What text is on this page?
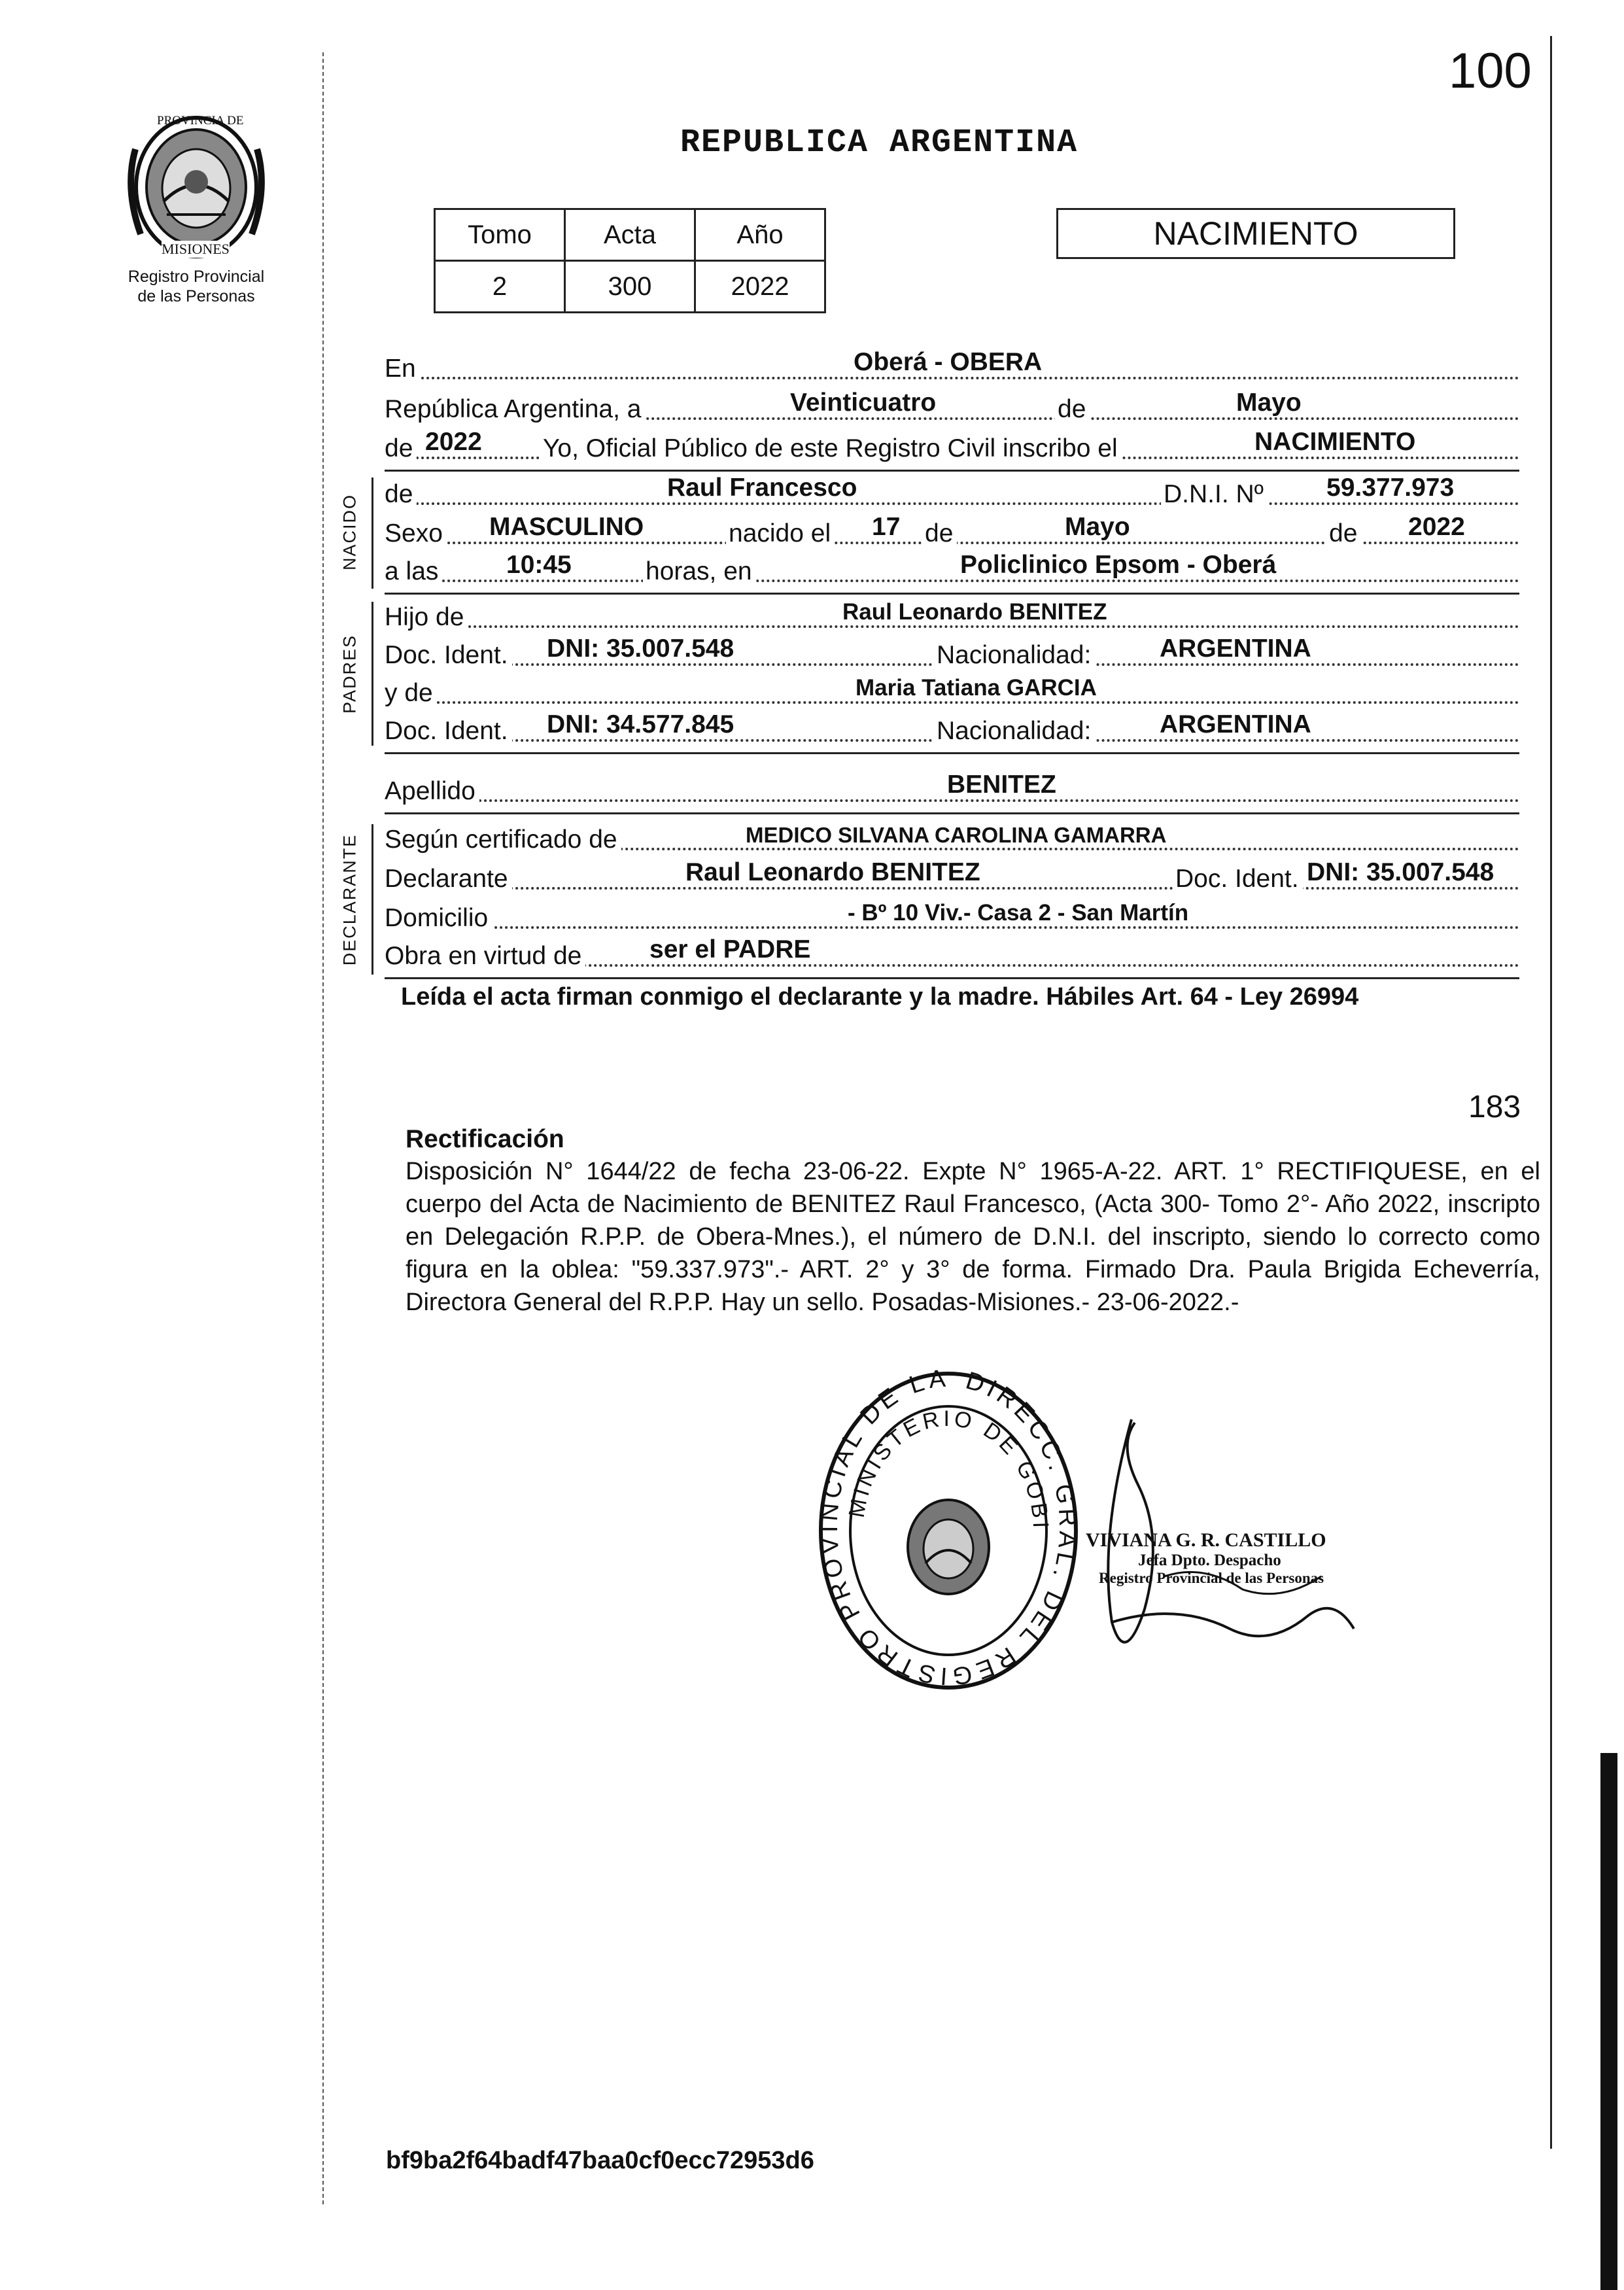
100
PROVINCIA DE
MISIONES
Registro Provincial
de las Personas
REPUBLICA ARGENTINA
Tomo	Acta	Año
2	300	2022
NACIMIENTO
En	Oberá - OBERA
República Argentina, a	Veinticuatro	de	Mayo
de 2022 Yo, Oficial Público de este Registro Civil inscribo el	NACIMIENTO
NACIDO de	Raul Francesco	D.N.I. Nº 59.377.973
Sexo MASCULINO	nacido el 17 de	Mayo	de 2022
a las	10:45	horas, en	Policlinico Epsom - Oberá
PADRES
Hijo de	Raul Leonardo BENITEZ
Doc. Ident. DNI: 35.007.548	Nacionalidad:	ARGENTINA
y de	Maria Tatiana GARCIA
Doc. Ident. DNI: 34.577.845	Nacionalidad:	ARGENTINA
Apellido	BENITEZ
DECLARANTE Según certificado de	MEDICO SILVANA CAROLINA GAMARRA
Declarante	Raul Leonardo BENITEZ	Doc. Ident. DNI: 35.007.548
Domicilio	- Bº 10 Viv.- Casa 2 - San Martín
Obra en virtud de	ser el PADRE
Leída el acta firman conmigo el declarante y la madre. Hábiles Art. 64 - Ley 26994
183
Rectificación
Disposición N° 1644/22 de fecha 23-06-22. Expte N° 1965-A-22. ART. 1° RECTIFIQUESE, en el cuerpo del Acta de Nacimiento de BENITEZ Raul Francesco, (Acta 300- Tomo 2°- Año 2022, inscripto en Delegación R.P.P. de Obera-Mnes.), el número de D.N.I. del inscripto, siendo lo correcto como figura en la oblea: "59.337.973".- ART. 2° y 3° de forma. Firmado Dra. Paula Brigida Echeverría, Directora General del R.P.P. Hay un sello. Posadas-Misiones.- 23-06-2022.-
DIRECC. GRAL. DEL REGISTRO PROVINCIAL DE LA
MINISTERIO DE GOBI
VIVIANA G. R. CASTILLO
Jefa Dpto. Despacho
Registro Provincial de las Personas
bf9ba2f64badf47baa0cf0ecc72953d6
